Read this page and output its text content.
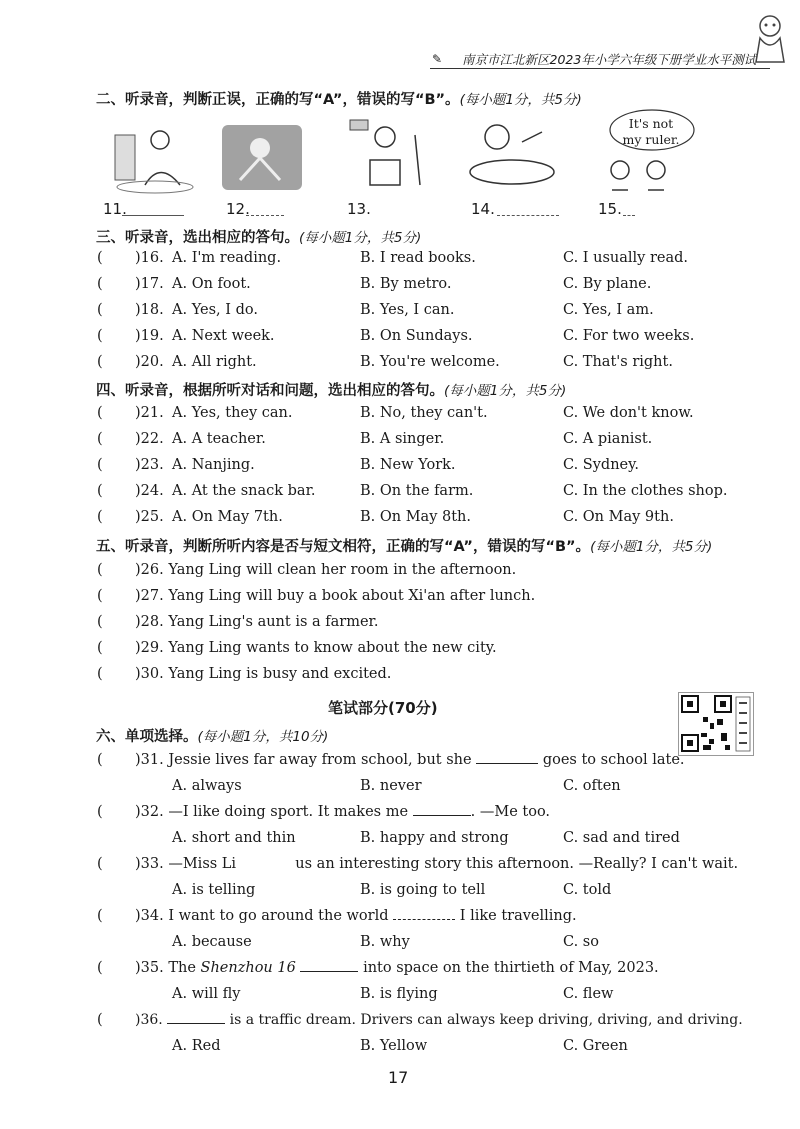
✎ 南京市江北新区2023年小学六年级下册学业水平测试
二、听录音，判断正误，正确的写“A”，错误的写“B”。(每小题1分，共5分)
It's not my ruler.
11.	12.	13.	14.	15.
三、听录音，选出相应的答句。(每小题1分，共5分)
( )16. A. I'm reading.	B. I read books.	C. I usually read.
( )17. A. On foot.	B. By metro.	C. By plane.
( )18. A. Yes, I do.	B. Yes, I can.	C. Yes, I am.
( )19. A. Next week.	B. On Sundays.	C. For two weeks.
( )20. A. All right.	B. You're welcome.	C. That's right.
四、听录音，根据所听对话和问题，选出相应的答句。(每小题1分，共5分)
( )21. A. Yes, they can.	B. No, they can't.	C. We don't know.
( )22. A. A teacher.	B. A singer.	C. A pianist.
( )23. A. Nanjing.	B. New York.	C. Sydney.
( )24. A. At the snack bar.	B. On the farm.	C. In the clothes shop.
( )25. A. On May 7th.	B. On May 8th.	C. On May 9th.
五、听录音，判断所听内容是否与短文相符，正确的写“A”，错误的写“B”。(每小题1分，共5分)
( )26. Yang Ling will clean her room in the afternoon.
( )27. Yang Ling will buy a book about Xi'an after lunch.
( )28. Yang Ling's aunt is a farmer.
( )29. Yang Ling wants to know about the new city.
( )30. Yang Ling is busy and excited.
笔试部分(70分)
六、单项选择。(每小题1分，共10分)
( )31. Jessie lives far away from school, but she	goes to school late.
A. always	B. never	C. often
( )32. —I like doing sport. It makes me	. —Me too.
A. short and thin	B. happy and strong	C. sad and tired
( )33. —Miss Li	us an interesting story this afternoon. —Really? I can't wait.
A. is telling	B. is going to tell	C. told
( )34. I want to go around the world	I like travelling.
A. because	B. why	C. so
( )35. The Shenzhou 16	into space on the thirtieth of May, 2023.
A. will fly	B. is flying	C. flew
( )36.	is a traffic dream. Drivers can always keep driving, driving, and driving.
A. Red	B. Yellow	C. Green
17
